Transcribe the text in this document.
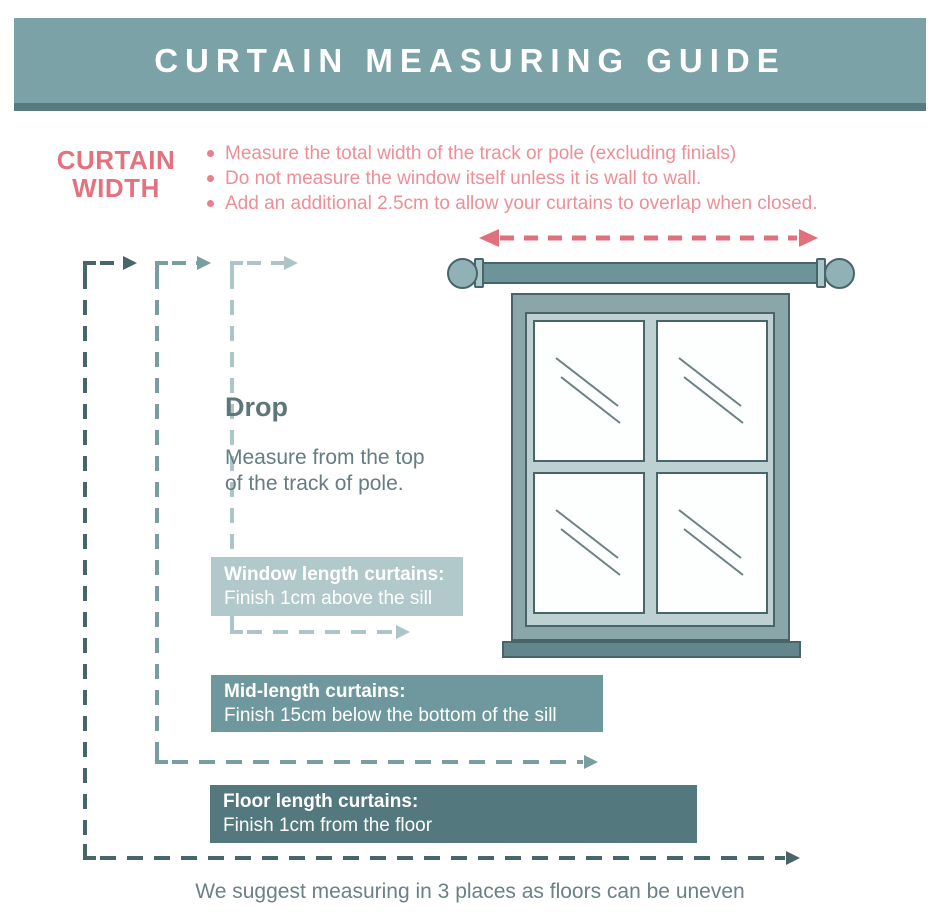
CURTAIN MEASURING GUIDE
CURTAIN
WIDTH
Measure the total width of the track or pole (excluding finials)
Do not measure the window itself unless it is wall to wall.
Add an additional 2.5cm to allow your curtains to overlap when closed.

Drop

Measure from the top
of the track of pole.

Window length curtains:
Finish 1cm above the sill
Mid-length curtains:
Finish 15cm below the bottom of the sill
Floor length curtains:
Finish 1cm from the floor
We suggest measuring in 3 places as floors can be uneven
